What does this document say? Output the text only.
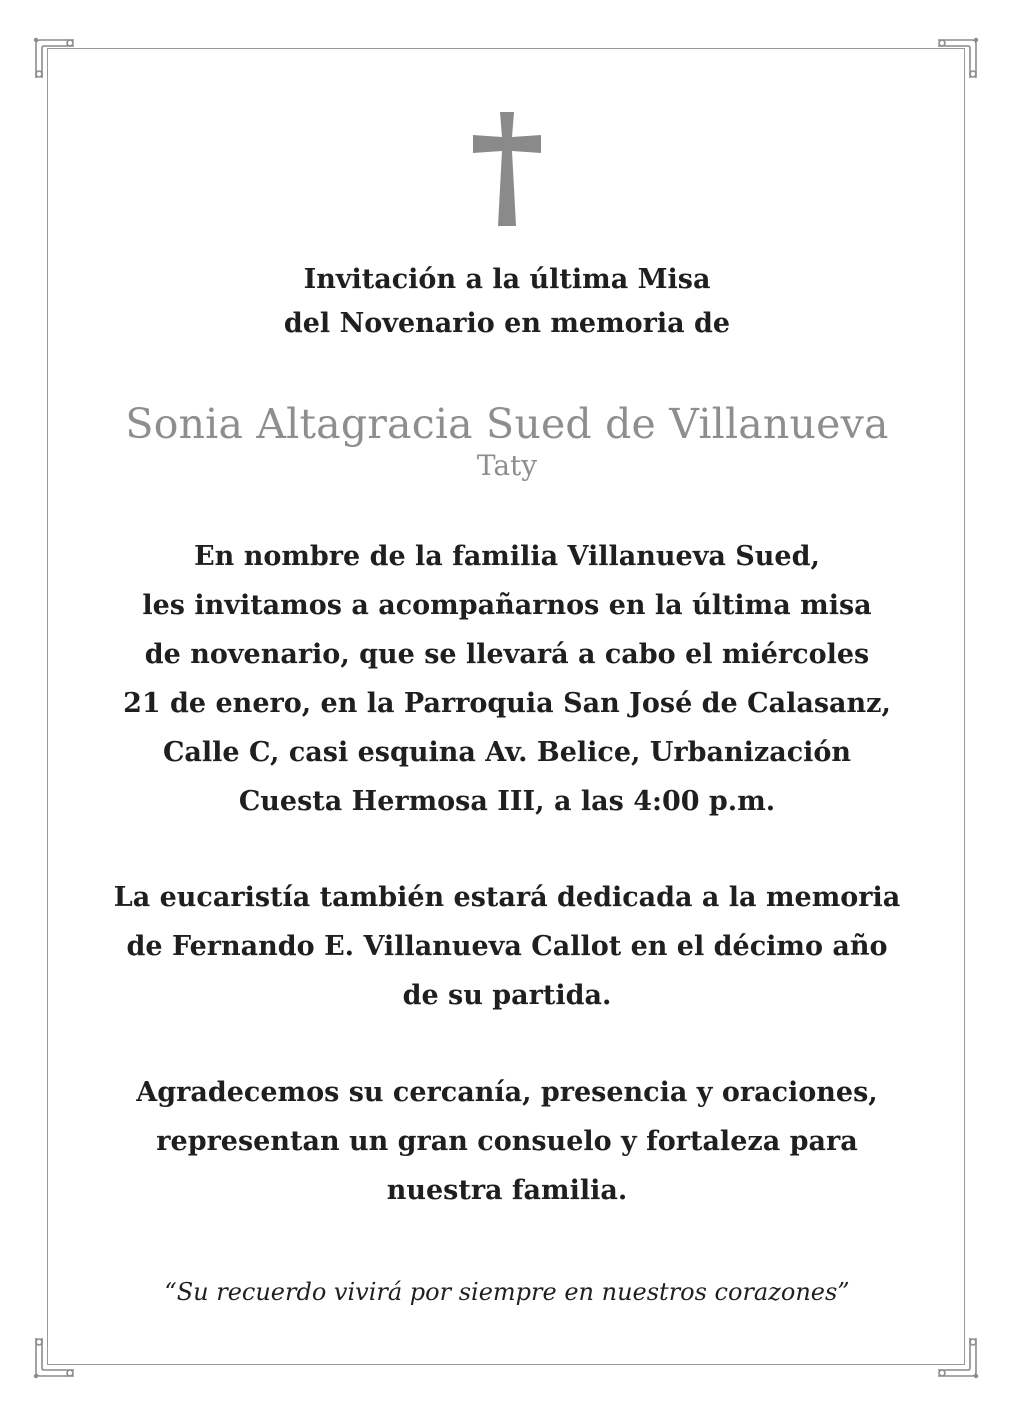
Invitación a la última Misa
del Novenario en memoria de
Sonia Altagracia Sued de Villanueva
Taty
En nombre de la familia Villanueva Sued,
les invitamos a acompañarnos en la última misa
de novenario, que se llevará a cabo el miércoles
21 de enero, en la Parroquia San José de Calasanz,
Calle C, casi esquina Av. Belice, Urbanización
Cuesta Hermosa III, a las 4:00 p.m.
La eucaristía también estará dedicada a la memoria
de Fernando E. Villanueva Callot en el décimo año
de su partida.
Agradecemos su cercanía, presencia y oraciones,
representan un gran consuelo y fortaleza para
nuestra familia.
“Su recuerdo vivirá por siempre en nuestros corazones”
